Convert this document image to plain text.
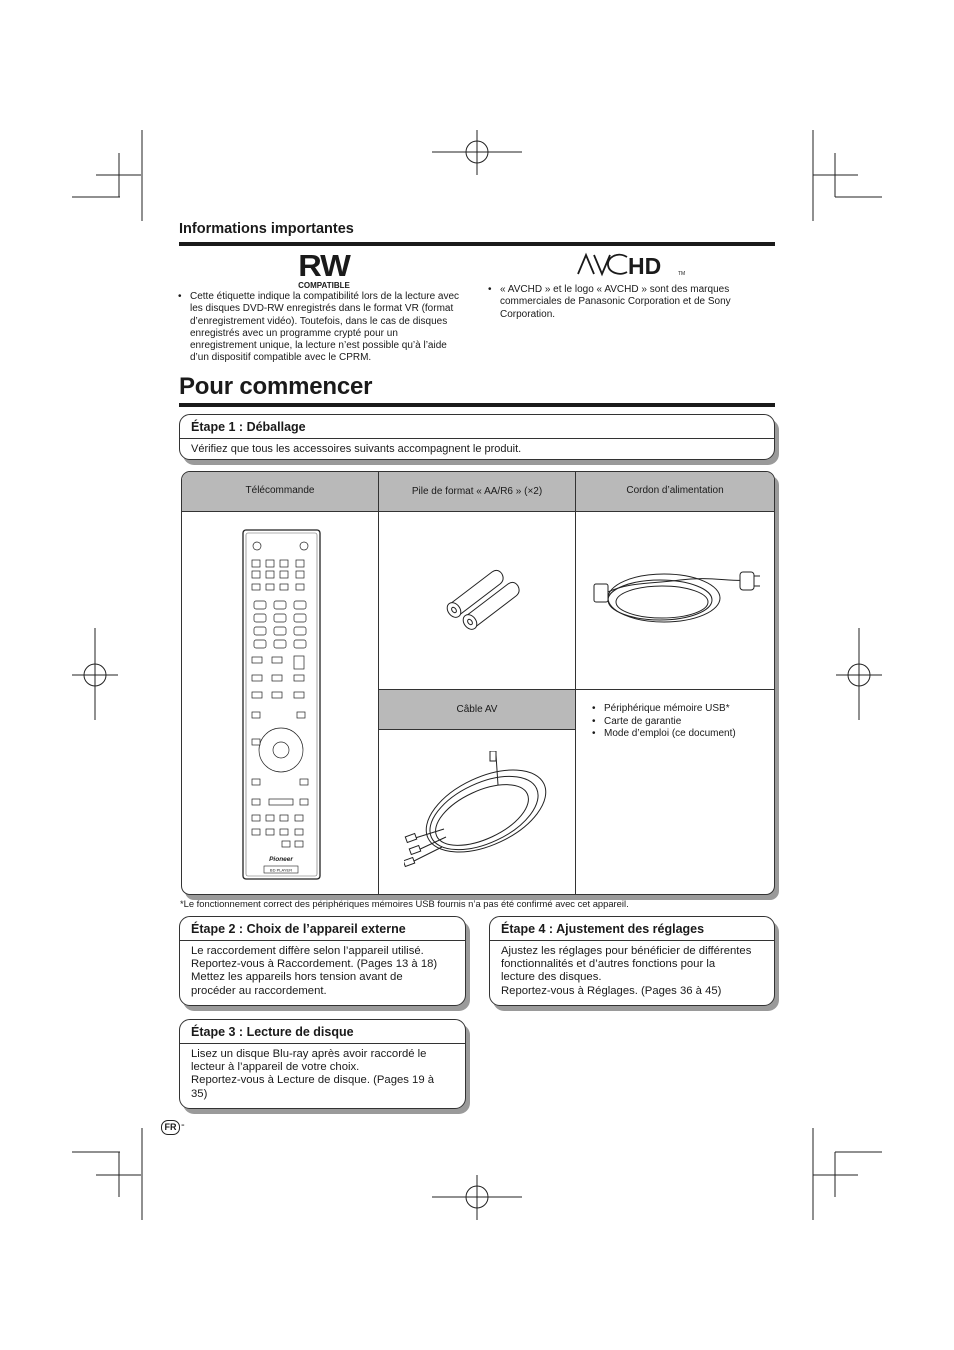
Informations importantes
RW
COMPATIBLE
• Cette étiquette indique la compatibilité lors de la lecture avec les disques DVD-RW enregistrés dans le format VR (format d’enregistrement vidéo). Toutefois, dans le cas de disques enregistrés avec un programme crypté pour un enregistrement unique, la lecture n’est possible qu’à l’aide d’un dispositif compatible avec le CPRM.
HD	TM
• « AVCHD » et le logo « AVCHD » sont des marques commerciales de Panasonic Corporation et de Sony Corporation.
Pour commencer
Étape 1 : Déballage
Vérifiez que tous les accessoires suivants accompagnent le produit.
Télécommande	Pile de format « AA/R6 » (×2)	Cordon d’alimentation
Câble AV
Pioneer
BD PLAYER
• Périphérique mémoire USB*
• Carte de garantie
• Mode d’emploi (ce document)
*Le fonctionnement correct des périphériques mémoires USB fournis n’a pas été confirmé avec cet appareil.
Étape 2 : Choix de l’appareil externe
Le raccordement diffère selon l’appareil utilisé.
Reportez-vous à Raccordement. (Pages 13 à 18)
Mettez les appareils hors tension avant de
procéder au raccordement.
Étape 4 : Ajustement des réglages
Ajustez les réglages pour bénéficier de différentes
fonctionnalités et d’autres fonctions pour la
lecture des disques.
Reportez-vous à Réglages. (Pages 36 à 45)
Étape 3 : Lecture de disque
Lisez un disque Blu-ray après avoir raccordé le
lecteur à l’appareil de votre choix.
Reportez-vous à Lecture de disque. (Pages 19 à
35)
FR -
